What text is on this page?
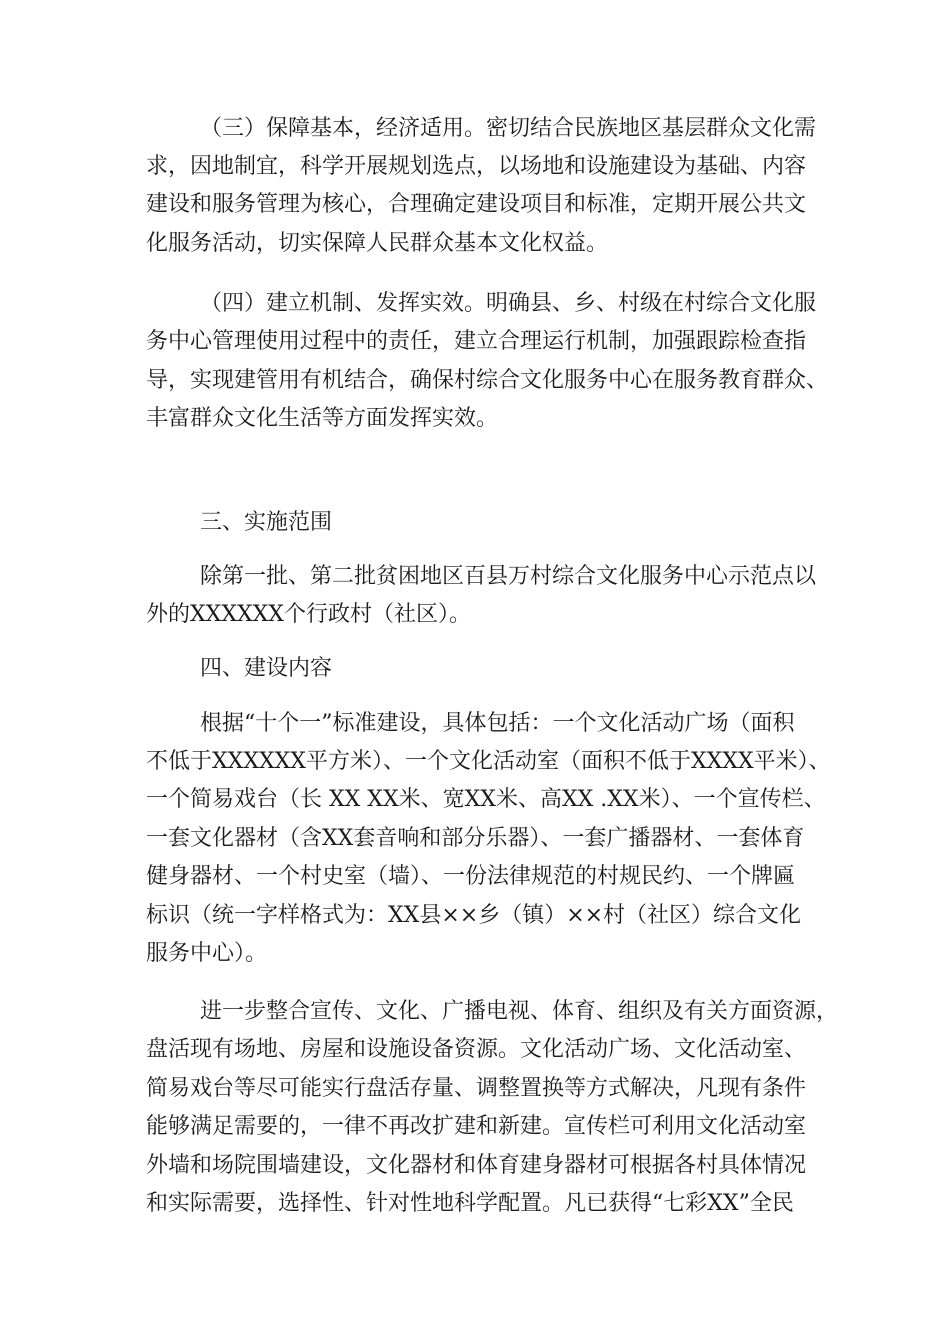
（三）保障基本，经济适用。密切结合民族地区基层群众文化需
求，因地制宜，科学开展规划选点，以场地和设施建设为基础、内容
建设和服务管理为核心，合理确定建设项目和标准，定期开展公共文
化服务活动，切实保障人民群众基本文化权益。
（四）建立机制、发挥实效。明确县、乡、村级在村综合文化服
务中心管理使用过程中的责任，建立合理运行机制，加强跟踪检查指
导，实现建管用有机结合，确保村综合文化服务中心在服务教育群众、
丰富群众文化生活等方面发挥实效。
三、实施范围
除第一批、第二批贫困地区百县万村综合文化服务中心示范点以
外的XXXXXX个行政村（社区）。
四、建设内容
根据“十个一”标准建设，具体包括：一个文化活动广场（面积
不低于XXXXXX平方米）、一个文化活动室（面积不低于XXXX平米）、
一个简易戏台（长 XX XX米、宽XX米、高XX .XX米）、一个宣传栏、
一套文化器材（含XX套音响和部分乐器）、一套广播器材、一套体育
健身器材、一个村史室（墙）、一份法律规范的村规民约、一个牌匾
标识（统一字样格式为：XX县××乡（镇）××村（社区）综合文化
服务中心）。
进一步整合宣传、文化、广播电视、体育、组织及有关方面资源，
盘活现有场地、房屋和设施设备资源。文化活动广场、文化活动室、
简易戏台等尽可能实行盘活存量、调整置换等方式解决，凡现有条件
能够满足需要的，一律不再改扩建和新建。宣传栏可利用文化活动室
外墙和场院围墙建设，文化器材和体育建身器材可根据各村具体情况
和实际需要，选择性、针对性地科学配置。凡已获得“七彩XX”全民
